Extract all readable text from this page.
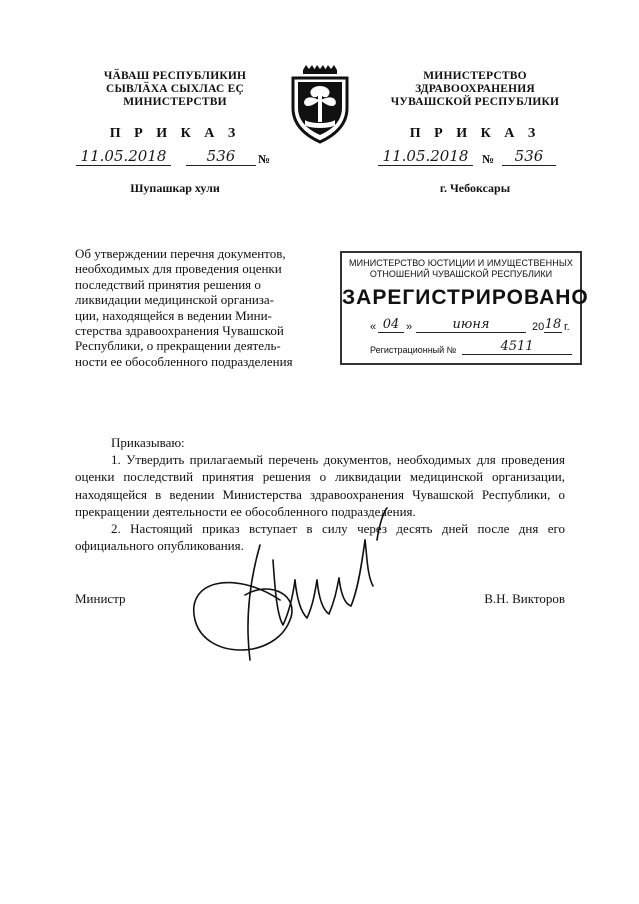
ЧӐВАШ РЕСПУБЛИКИН
СЫВЛӐХА СЫХЛАС ЕÇ
МИНИСТЕРСТВИ
П Р И К А З
11.05.2018	536	№
Шупашкар хули
МИНИСТЕРСТВО
ЗДРАВООХРАНЕНИЯ
ЧУВАШСКОЙ РЕСПУБЛИКИ
П Р И К А З
11.05.2018	№	536
г. Чебоксары
Об утверждении перечня документов,
необходимых для проведения оценки
последствий принятия решения о
ликвидации медицинской организа-
ции, находящейся в ведении Мини-
стерства здравоохранения Чувашской
Республики, о прекращении деятель-
ности ее обособленного подразделения
МИНИСТЕРСТВО ЮСТИЦИИ И ИМУЩЕСТВЕННЫХ
ОТНОШЕНИЙ ЧУВАШСКОЙ РЕСПУБЛИКИ
ЗАРЕГИСТРИРОВАНО
« 04 »	июня	20 18 г.
Регистрационный №	4511
Приказываю:
1. Утвердить прилагаемый перечень документов, необходимых для проведения оценки последствий принятия решения о ликвидации медицинской организации, находящейся в ведении Министерства здравоохранения Чувашской Республики, о прекращении деятельности ее обособленного подразделения.
2. Настоящий приказ вступает в силу через десять дней после дня его официального опубликования.
Министр	В.Н. Викторов
